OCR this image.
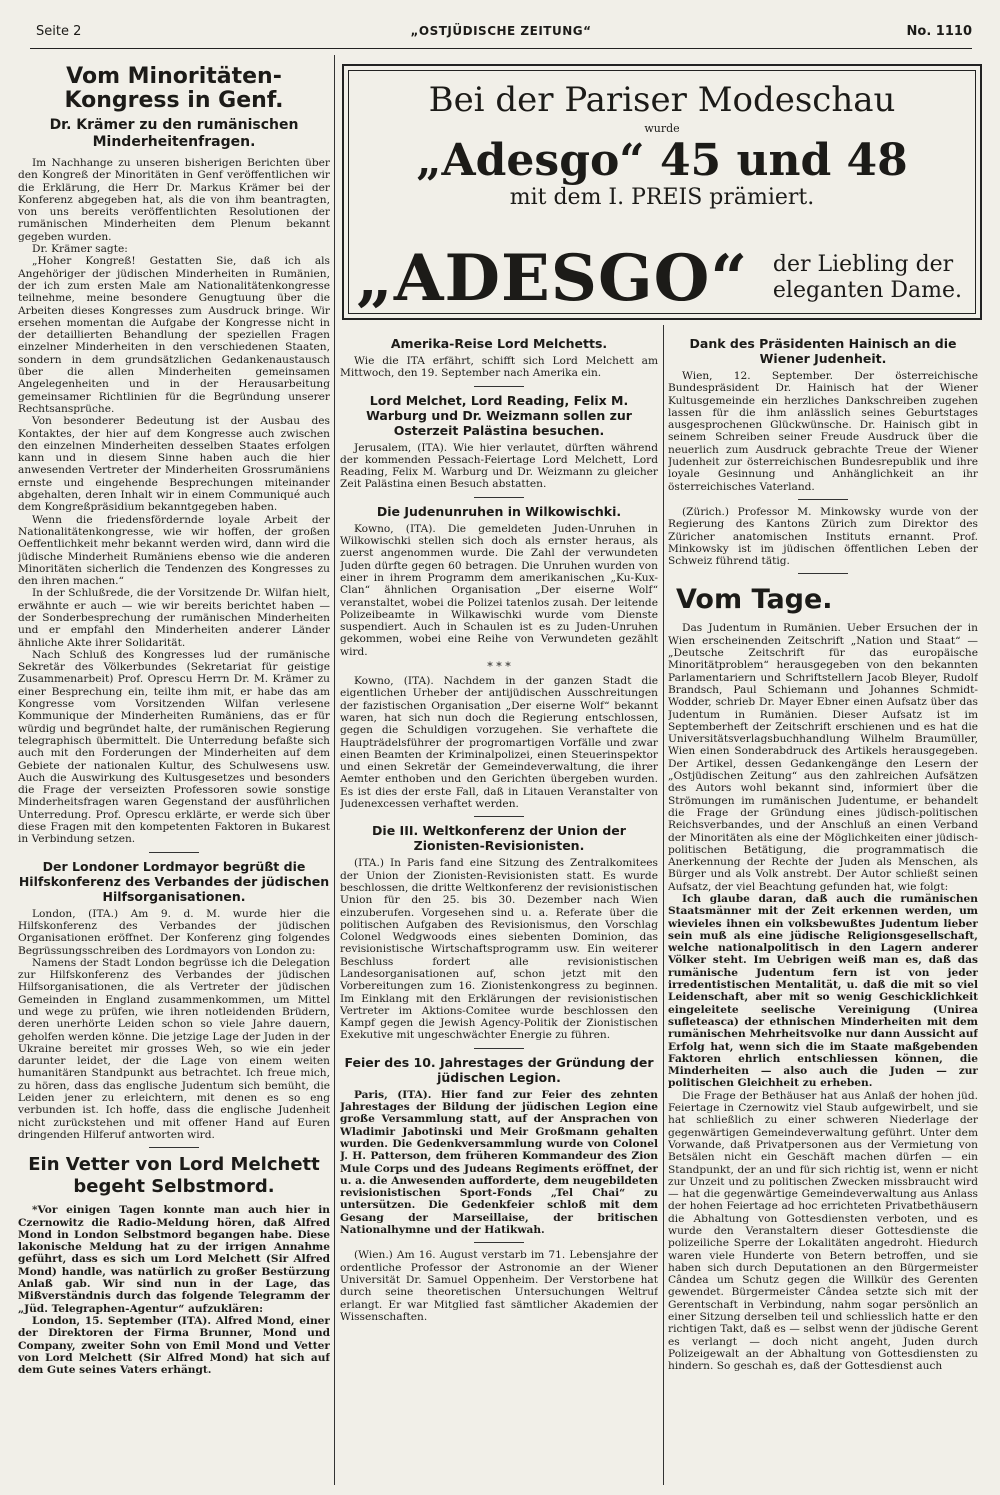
Seite 2	„OSTJÜDISCHE ZEITUNG“	No. 1110
Bei der Pariser Modeschau
wurde
„Adesgo“ 45 und 48
mit dem I. PREIS prämiert.
„ADESGO“ der Liebling der
eleganten Dame.
Vom Minoritäten-Kongress in Genf.
Dr. Krämer zu den rumänischen Minderheitenfragen.
Im Nachhange zu unseren bisherigen Berichten über den Kongreß der Minoritäten in Genf veröffentlichen wir die Erklärung, die Herr Dr. Markus Krämer bei der Konferenz abgegeben hat, als die von ihm beantragten, von uns bereits veröffentlichten Resolutionen der rumänischen Minderheiten dem Plenum bekannt gegeben wurden.
Dr. Krämer sagte:
„Hoher Kongreß! Gestatten Sie, daß ich als Angehöriger der jüdischen Minderheiten in Rumänien, der ich zum ersten Male am Nationalitätenkongresse teilnehme, meine besondere Genugtuung über die Arbeiten dieses Kongresses zum Ausdruck bringe. Wir ersehen momentan die Aufgabe der Kongresse nicht in der detaillierten Behandlung der speziellen Fragen einzelner Minderheiten in den verschiedenen Staaten, sondern in dem grundsätzlichen Gedankenaustausch über die allen Minderheiten gemeinsamen Angelegenheiten und in der Herausarbeitung gemeinsamer Richtlinien für die Begründung unserer Rechtsansprüche.
Von besonderer Bedeutung ist der Ausbau des Kontaktes, der hier auf dem Kongresse auch zwischen den einzelnen Minderheiten desselben Staates erfolgen kann und in diesem Sinne haben auch die hier anwesenden Vertreter der Minderheiten Grossrumäniens ernste und eingehende Besprechungen miteinander abgehalten, deren Inhalt wir in einem Communiqué auch dem Kongreßpräsidium bekanntgegeben haben.
Wenn die friedensfördernde loyale Arbeit der Nationalitätenkongresse, wie wir hoffen, der großen Oeffentlichkeit mehr bekannt werden wird, dann wird die jüdische Minderheit Rumäniens ebenso wie die anderen Minoritäten sicherlich die Tendenzen des Kongresses zu den ihren machen.“
In der Schlußrede, die der Vorsitzende Dr. Wilfan hielt, erwähnte er auch — wie wir bereits berichtet haben — der Sonderbesprechung der rumänischen Minderheiten und er empfahl den Minderheiten anderer Länder ähnliche Akte ihrer Solidarität.
Nach Schluß des Kongresses lud der rumänische Sekretär des Völkerbundes (Sekretariat für geistige Zusammenarbeit) Prof. Oprescu Herrn Dr. M. Krämer zu einer Besprechung ein, teilte ihm mit, er habe das am Kongresse vom Vorsitzenden Wilfan verlesene Kommunique der Minderheiten Rumäniens, das er für würdig und begründet halte, der rumänischen Regierung telegraphisch übermittelt. Die Unterredung befaßte sich auch mit den Forderungen der Minderheiten auf dem Gebiete der nationalen Kultur, des Schulwesens usw. Auch die Auswirkung des Kultusgesetzes und besonders die Frage der verseizten Professoren sowie sonstige Minderheitsfragen waren Gegenstand der ausführlichen Unterredung. Prof. Oprescu erklärte, er werde sich über diese Fragen mit den kompetenten Faktoren in Bukarest in Verbindung setzen.
Der Londoner Lordmayor begrüßt die Hilfskonferenz des Verbandes der jüdischen Hilfsorganisationen.
London, (ITA.) Am 9. d. M. wurde hier die Hilfskonferenz des Verbandes der jüdischen Organisationen eröffnet. Der Konferenz ging folgendes Begrüssungsschreiben des Lordmayors von London zu:
Namens der Stadt London begrüsse ich die Delegation zur Hilfskonferenz des Verbandes der jüdischen Hilfsorganisationen, die als Vertreter der jüdischen Gemeinden in England zusammenkommen, um Mittel und wege zu prüfen, wie ihren notleidenden Brüdern, deren unerhörte Leiden schon so viele Jahre dauern, geholfen werden könne. Die jetzige Lage der Juden in der Ukraine bereitet mir grosses Weh, so wie ein jeder darunter leidet, der die Lage von einem weiten humanitären Standpunkt aus betrachtet. Ich freue mich, zu hören, dass das englische Judentum sich bemüht, die Leiden jener zu erleichtern, mit denen es so eng verbunden ist. Ich hoffe, dass die englische Judenheit nicht zurückstehen und mit offener Hand auf Euren dringenden Hilferuf antworten wird.
Ein Vetter von Lord Melchett begeht Selbstmord.
*Vor einigen Tagen konnte man auch hier in Czernowitz die Radio-Meldung hören, daß Alfred Mond in London Selbstmord begangen habe. Diese lakonische Meldung hat zu der irrigen Annahme geführt, dass es sich um Lord Melchett (Sir Alfred Mond) handle, was natürlich zu großer Bestürzung Anlaß gab. Wir sind nun in der Lage, das Mißverständnis durch das folgende Telegramm der „Jüd. Telegraphen-Agentur“ aufzuklären:
London, 15. September (ITA). Alfred Mond, einer der Direktoren der Firma Brunner, Mond und Company, zweiter Sohn von Emil Mond und Vetter von Lord Melchett (Sir Alfred Mond) hat sich auf dem Gute seines Vaters erhängt.
Amerika-Reise Lord Melchetts.
Wie die ITA erfährt, schifft sich Lord Melchett am Mittwoch, den 19. September nach Amerika ein.
Lord Melchet, Lord Reading, Felix M. Warburg und Dr. Weizmann sollen zur Osterzeit Palästina besuchen.
Jerusalem, (ITA). Wie hier verlautet, dürften während der kommenden Pessach-Feiertage Lord Melchett, Lord Reading, Felix M. Warburg und Dr. Weizmann zu gleicher Zeit Palästina einen Besuch abstatten.
Die Judenunruhen in Wilkowischki.
Kowno, (ITA). Die gemeldeten Juden-Unruhen in Wilkowischki stellen sich doch als ernster heraus, als zuerst angenommen wurde. Die Zahl der verwundeten Juden dürfte gegen 60 betragen. Die Unruhen wurden von einer in ihrem Programm dem amerikanischen „Ku-Kux-Clan“ ähnlichen Organisation „Der eiserne Wolf“ veranstaltet, wobei die Polizei tatenlos zusah. Der leitende Polizeibeamte in Wilkawischki wurde vom Dienste suspendiert. Auch in Schaulen ist es zu Juden-Unruhen gekommen, wobei eine Reihe von Verwundeten gezählt wird.
* * *
Kowno, (ITA). Nachdem in der ganzen Stadt die eigentlichen Urheber der antijüdischen Ausschreitungen der fazistischen Organisation „Der eiserne Wolf“ bekannt waren, hat sich nun doch die Regierung entschlossen, gegen die Schuldigen vorzugehen. Sie verhaftete die Haupträdelsführer der progromartigen Vorfälle und zwar einen Beamten der Kriminalpolizei, einen Steuerinspektor und einen Sekretär der Gemeindeverwaltung, die ihrer Aemter enthoben und den Gerichten übergeben wurden. Es ist dies der erste Fall, daß in Litauen Veranstalter von Judenexcessen verhaftet werden.
Die III. Weltkonferenz der Union der Zionisten-Revisionisten.
(ITA.) In Paris fand eine Sitzung des Zentralkomitees der Union der Zionisten-Revisionisten statt. Es wurde beschlossen, die dritte Weltkonferenz der revisionistischen Union für den 25. bis 30. Dezember nach Wien einzuberufen. Vorgesehen sind u. a. Referate über die politischen Aufgaben des Revisionismus, den Vorschlag Colonel Wedgwoods eines siebenten Dominion, das revisionistische Wirtschaftsprogramm usw. Ein weiterer Beschluss fordert alle revisionistischen Landesorganisationen auf, schon jetzt mit den Vorbereitungen zum 16. Zionistenkongress zu beginnen. Im Einklang mit den Erklärungen der revisionistischen Vertreter im Aktions-Comitee wurde beschlossen den Kampf gegen die Jewish Agency-Politik der Zionistischen Exekutive mit ungeschwächter Energie zu führen.
Feier des 10. Jahrestages der Gründung der jüdischen Legion.
Paris, (ITA). Hier fand zur Feier des zehnten Jahrestages der Bildung der jüdischen Legion eine große Versammlung statt, auf der Ansprachen von Wladimir Jabotinski und Meir Großmann gehalten wurden. Die Gedenkversammlung wurde von Colonel J. H. Patterson, dem früheren Kommandeur des Zion Mule Corps und des Judeans Regiments eröffnet, der u. a. die Anwesenden aufforderte, dem neugebildeten revisionistischen Sport-Fonds „Tel Chai“ zu untersützen. Die Gedenkfeier schloß mit dem Gesang der Marseillaise, der britischen Nationalhymne und der Hatikwah.
(Wien.) Am 16. August verstarb im 71. Lebensjahre der ordentliche Professor der Astronomie an der Wiener Universität Dr. Samuel Oppenheim. Der Verstorbene hat durch seine theoretischen Untersuchungen Weltruf erlangt. Er war Mitglied fast sämtlicher Akademien der Wissenschaften.
Dank des Präsidenten Hainisch an die Wiener Judenheit.
Wien, 12. September. Der österreichische Bundespräsident Dr. Hainisch hat der Wiener Kultusgemeinde ein herzliches Dankschreiben zugehen lassen für die ihm anlässlich seines Geburtstages ausgesprochenen Glückwünsche. Dr. Hainisch gibt in seinem Schreiben seiner Freude Ausdruck über die neuerlich zum Ausdruck gebrachte Treue der Wiener Judenheit zur österreichischen Bundesrepublik und ihre loyale Gesinnung und Anhänglichkeit an ihr österreichisches Vaterland.
(Zürich.) Professor M. Minkowsky wurde von der Regierung des Kantons Zürich zum Direktor des Züricher anatomischen Instituts ernannt. Prof. Minkowsky ist im jüdischen öffentlichen Leben der Schweiz führend tätig.
Vom Tage.
Das Judentum in Rumänien. Ueber Ersuchen der in Wien erscheinenden Zeitschrift „Nation und Staat“ — „Deutsche Zeitschrift für das europäische Minoritätproblem“ herausgegeben von den bekannten Parlamentariern und Schriftstellern Jacob Bleyer, Rudolf Brandsch, Paul Schiemann und Johannes Schmidt-Wodder, schrieb Dr. Mayer Ebner einen Aufsatz über das Judentum in Rumänien. Dieser Aufsatz ist im Septemberheft der Zeitschrift erschienen und es hat die Universitätsverlagsbuchhandlung Wilhelm Braumüller, Wien einen Sonderabdruck des Artikels herausgegeben. Der Artikel, dessen Gedankengänge den Lesern der „Ostjüdischen Zeitung“ aus den zahlreichen Aufsätzen des Autors wohl bekannt sind, informiert über die Strömungen im rumänischen Judentume, er behandelt die Frage der Gründung eines jüdisch-politischen Reichsverbandes, und der Anschluß an einen Verband der Minoritäten als eine der Möglichkeiten einer jüdisch-politischen Betätigung, die programmatisch die Anerkennung der Rechte der Juden als Menschen, als Bürger und als Volk anstrebt. Der Autor schließt seinen Aufsatz, der viel Beachtung gefunden hat, wie folgt:
Ich glaube daran, daß auch die rumänischen Staatsmänner mit der Zeit erkennen werden, um wievieles ihnen ein volksbewußtes Judentum lieber sein muß als eine jüdische Religionsgesellschaft, welche nationalpolitisch in den Lagern anderer Völker steht. Im Uebrigen weiß man es, daß das rumänische Judentum fern ist von jeder irredentistischen Mentalität, u. daß die mit so viel Leidenschaft, aber mit so wenig Geschicklichkeit eingeleitete seelische Vereinigung (Unirea sufleteasca) der ethnischen Minderheiten mit dem rumänischen Mehrheitsvolke nur dann Aussicht auf Erfolg hat, wenn sich die im Staate maßgebenden Faktoren ehrlich entschliessen können, die Minderheiten — also auch die Juden — zur politischen Gleichheit zu erheben.
Die Frage der Bethäuser hat aus Anlaß der hohen jüd. Feiertage in Czernowitz viel Staub aufgewirbelt, und sie hat schließlich zu einer schweren Niederlage der gegenwärtigen Gemeindeverwaltung geführt. Unter dem Vorwande, daß Privatpersonen aus der Vermietung von Betsälen nicht ein Geschäft machen dürfen — ein Standpunkt, der an und für sich richtig ist, wenn er nicht zur Unzeit und zu politischen Zwecken missbraucht wird — hat die gegenwärtige Gemeindeverwaltung aus Anlass der hohen Feiertage ad hoc errichteten Privatbethäusern die Abhaltung von Gottesdiensten verboten, und es wurde den Veranstaltern dieser Gottesdienste die polizeiliche Sperre der Lokalitäten angedroht. Hiedurch waren viele Hunderte von Betern betroffen, und sie haben sich durch Deputationen an den Bürgermeister Cândea um Schutz gegen die Willkür des Gerenten gewendet. Bürgermeister Cândea setzte sich mit der Gerentschaft in Verbindung, nahm sogar persönlich an einer Sitzung derselben teil und schliesslich hatte er den richtigen Takt, daß es — selbst wenn der jüdische Gerent es verlangt — doch nicht angeht, Juden durch Polizeigewalt an der Abhaltung von Gottesdiensten zu hindern. So geschah es, daß der Gottesdienst auch
